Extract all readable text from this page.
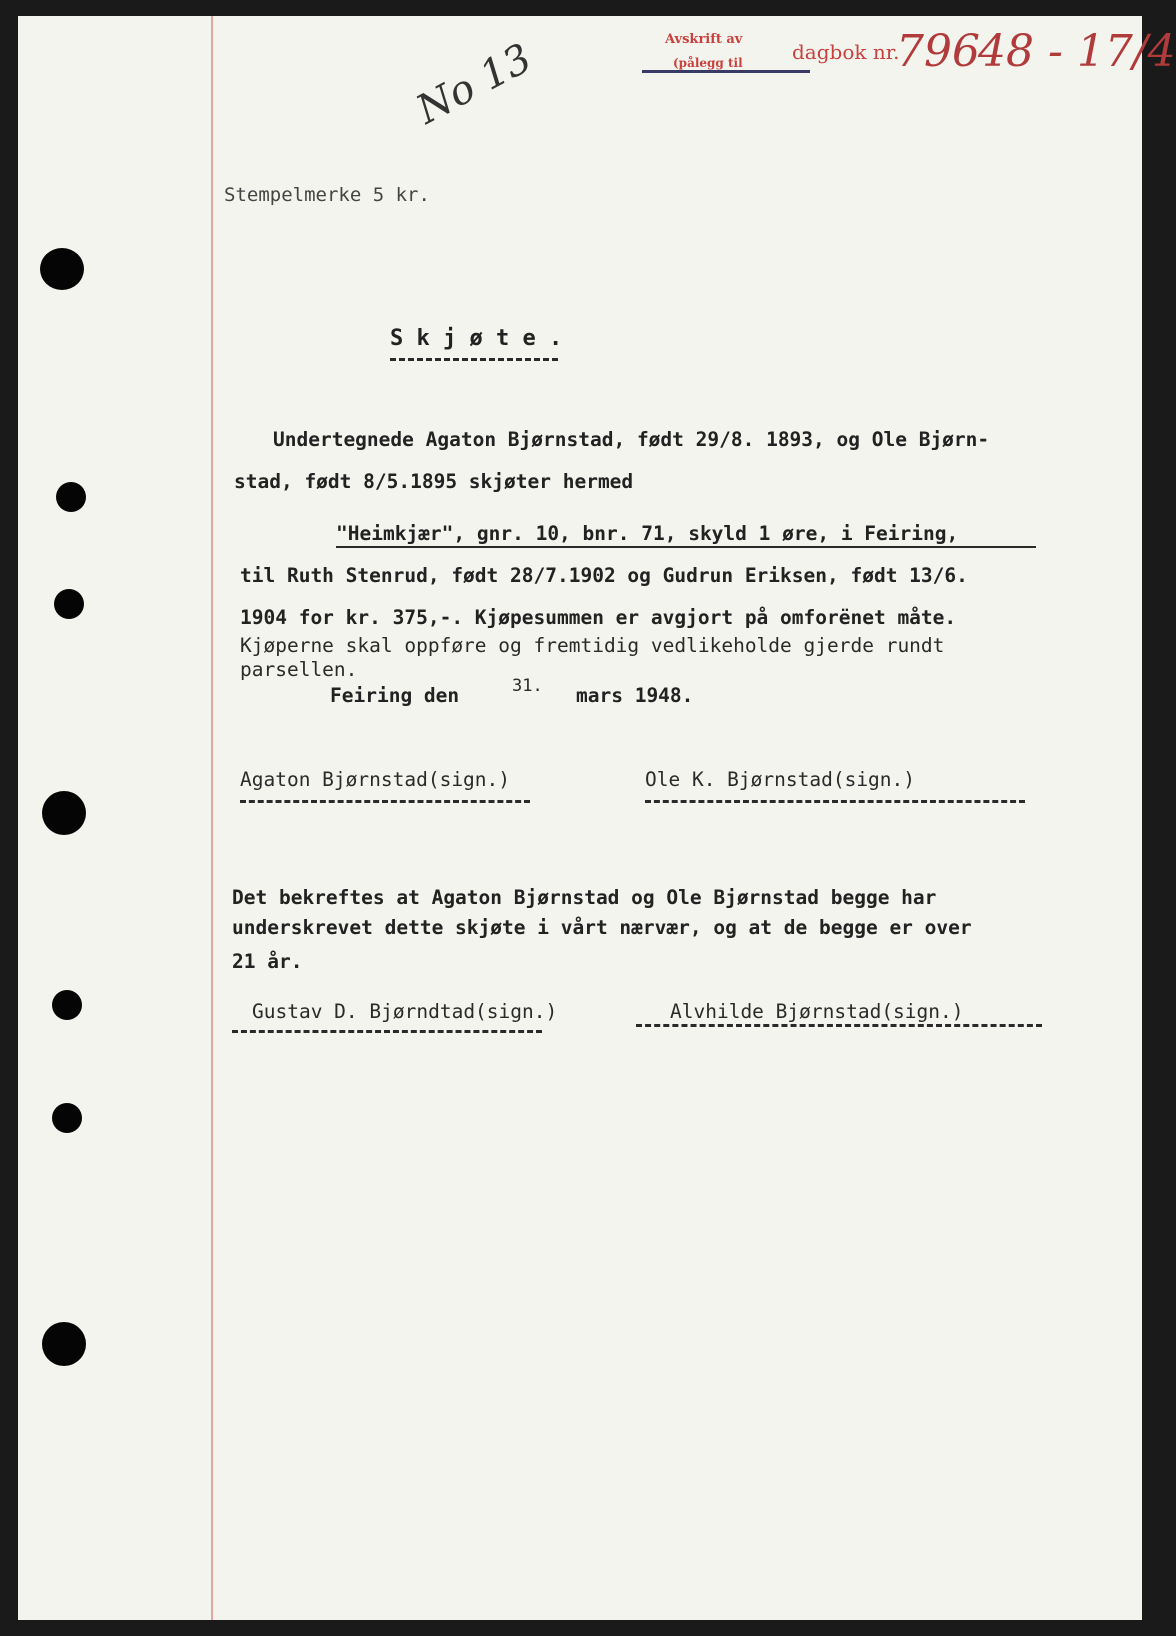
Avskrift av
(pålegg til dagbok nr.
796
48 - 17/4
No 13
Stempelmerke 5 kr.
S k j ø t e .
Undertegnede Agaton Bjørnstad, født 29/8. 1893, og Ole Bjørn-
stad, født 8/5.1895 skjøter hermed
"Heimkjær", gnr. 10, bnr. 71, skyld 1 øre, i Feiring,
til Ruth Stenrud, født 28/7.1902 og Gudrun Eriksen, født 13/6.
1904 for kr. 375,-. Kjøpesummen er avgjort på omforënet måte.
Kjøperne skal oppføre og fremtidig vedlikeholde gjerde rundt
parsellen.
Feiring den	31. mars 1948.
Agaton Bjørnstad(sign.)	Ole K. Bjørnstad(sign.)
Det bekreftes at Agaton Bjørnstad og Ole Bjørnstad begge har
underskrevet dette skjøte i vårt nærvær, og at de begge er over
21 år.
Gustav D. Bjørndtad(sign.)	Alvhilde Bjørnstad(sign.)
